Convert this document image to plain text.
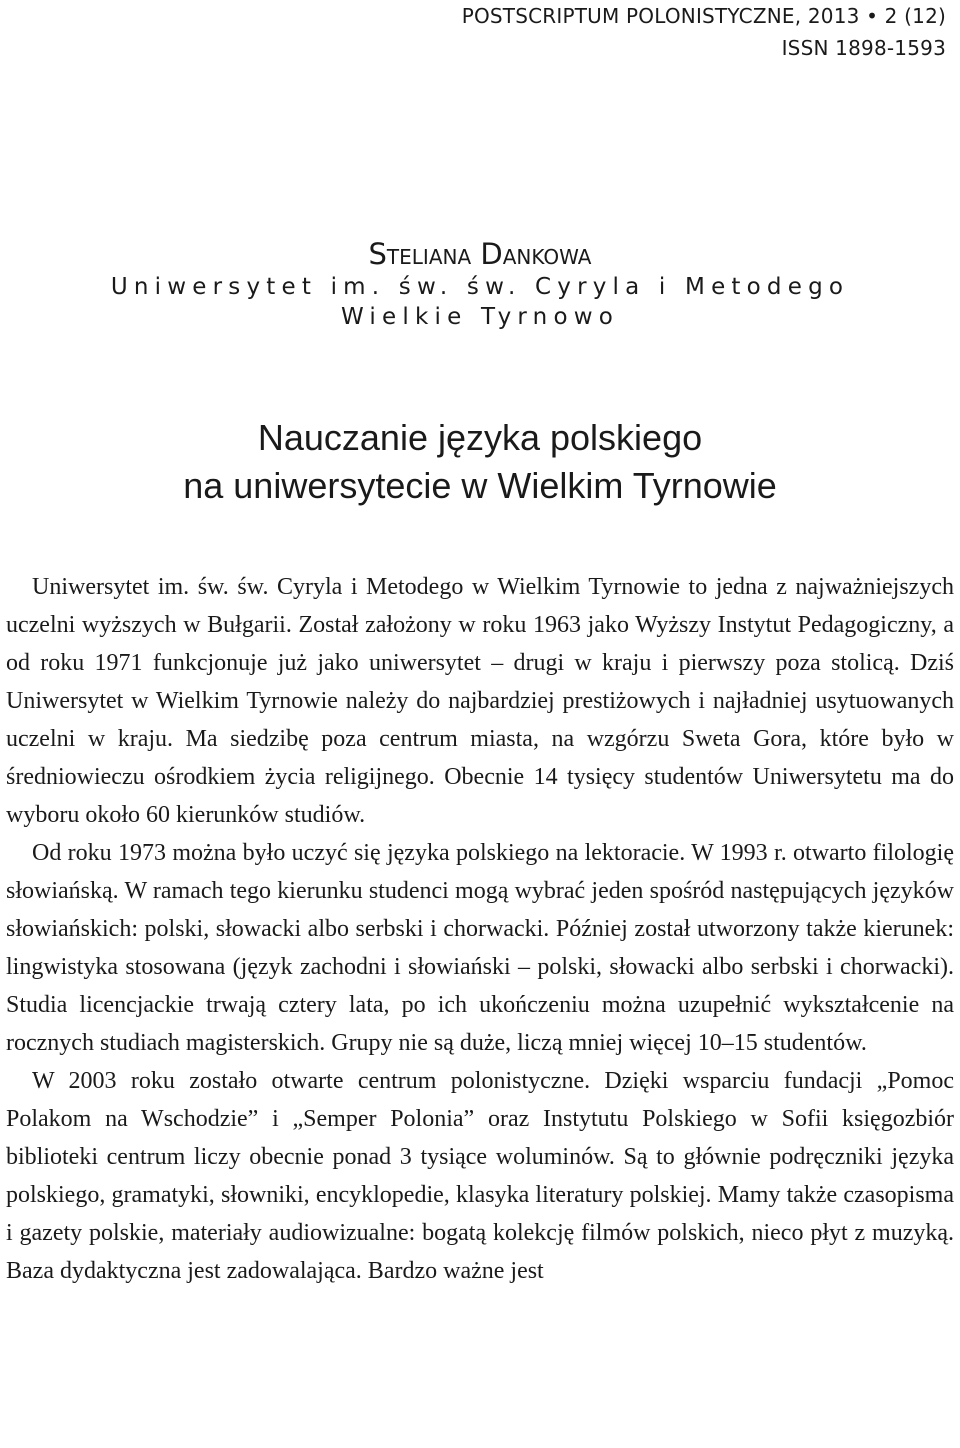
POSTSCRIPTUM POLONISTYCZNE, 2013 • 2 (12)
ISSN 1898-1593
Steliana Dankowa
Uniwersytet im. św. św. Cyryla i Metodego
Wielkie Tyrnowo
Nauczanie języka polskiego
na uniwersytecie w Wielkim Tyrnowie

Uniwersytet im. św. św. Cyryla i Metodego w Wielkim Tyrnowie to jedna z najważniejszych uczelni wyższych w Bułgarii. Został założony w roku 1963 jako Wyższy Instytut Pedagogiczny, a od roku 1971 funkcjonuje już jako uniwersytet – drugi w kraju i pierwszy poza stolicą. Dziś Uniwersytet w Wielkim Tyrnowie należy do najbardziej prestiżowych i najładniej usytuowanych uczelni w kraju. Ma siedzibę poza centrum miasta, na wzgórzu Sweta Gora, które było w średniowieczu ośrodkiem życia religijnego. Obecnie 14 tysięcy studentów Uniwersytetu ma do wyboru około 60 kierunków studiów.

Od roku 1973 można było uczyć się języka polskiego na lektoracie. W 1993 r. otwarto filologię słowiańską. W ramach tego kierunku studenci mogą wybrać jeden spośród następujących języków słowiańskich: polski, słowacki albo serbski i chorwacki. Później został utworzony także kierunek: lingwistyka stosowana (język zachodni i słowiański – polski, słowacki albo serbski i chorwacki). Studia licencjackie trwają cztery lata, po ich ukończeniu można uzupełnić wykształcenie na rocznych studiach magisterskich. Grupy nie są duże, liczą mniej więcej 10–15 studentów.

W 2003 roku zostało otwarte centrum polonistyczne. Dzięki wsparciu fundacji „Pomoc Polakom na Wschodzie” i „Semper Polonia” oraz Instytutu Polskiego w Sofii księgozbiór biblioteki centrum liczy obecnie ponad 3 tysiące woluminów. Są to głównie podręczniki języka polskiego, gramatyki, słowniki, encyklopedie, klasyka literatury polskiej. Mamy także czasopisma i gazety polskie, materiały audiowizualne: bogatą kolekcję filmów polskich, nieco płyt z muzyką. Baza dydaktyczna jest zadowalająca. Bardzo ważne jest
